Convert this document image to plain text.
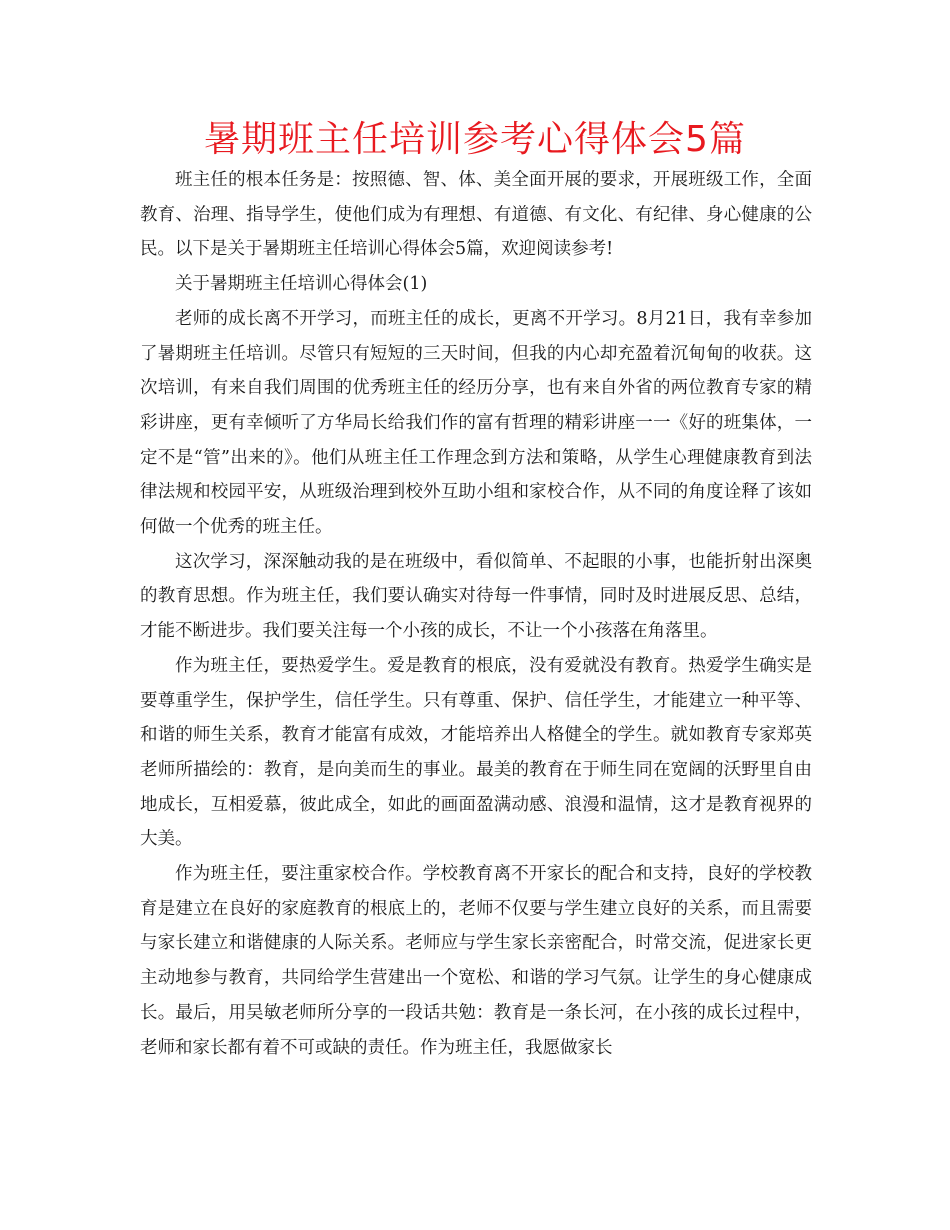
暑期班主任培训参考心得体会5篇

班主任的根本任务是：按照德、智、体、美全面开展的要求，开展班级工作，全面教育、治理、指导学生，使他们成为有理想、有道德、有文化、有纪律、身心健康的公民。以下是关于暑期班主任培训心得体会5篇，欢迎阅读参考!

关于暑期班主任培训心得体会(1)

老师的成长离不开学习，而班主任的成长，更离不开学习。8月21日，我有幸参加了暑期班主任培训。尽管只有短短的三天时间，但我的内心却充盈着沉甸甸的收获。这次培训，有来自我们周围的优秀班主任的经历分享，也有来自外省的两位教育专家的精彩讲座，更有幸倾听了方华局长给我们作的富有哲理的精彩讲座一一《好的班集体，一定不是“管”出来的》。他们从班主任工作理念到方法和策略，从学生心理健康教育到法律法规和校园平安，从班级治理到校外互助小组和家校合作，从不同的角度诠释了该如何做一个优秀的班主任。

这次学习，深深触动我的是在班级中，看似简单、不起眼的小事，也能折射出深奥的教育思想。作为班主任，我们要认确实对待每一件事情，同时及时进展反思、总结，才能不断进步。我们要关注每一个小孩的成长，不让一个小孩落在角落里。

作为班主任，要热爱学生。爱是教育的根底，没有爱就没有教育。热爱学生确实是要尊重学生，保护学生，信任学生。只有尊重、保护、信任学生，才能建立一种平等、和谐的师生关系，教育才能富有成效，才能培养出人格健全的学生。就如教育专家郑英老师所描绘的：教育，是向美而生的事业。最美的教育在于师生同在宽阔的沃野里自由地成长，互相爱慕，彼此成全，如此的画面盈满动感、浪漫和温情，这才是教育视界的大美。

作为班主任，要注重家校合作。学校教育离不开家长的配合和支持，良好的学校教育是建立在良好的家庭教育的根底上的，老师不仅要与学生建立良好的关系，而且需要与家长建立和谐健康的人际关系。老师应与学生家长亲密配合，时常交流，促进家长更主动地参与教育，共同给学生营建出一个宽松、和谐的学习气氛。让学生的身心健康成长。最后，用吴敏老师所分享的一段话共勉：教育是一条长河，在小孩的成长过程中，老师和家长都有着不可或缺的责任。作为班主任，我愿做家长
